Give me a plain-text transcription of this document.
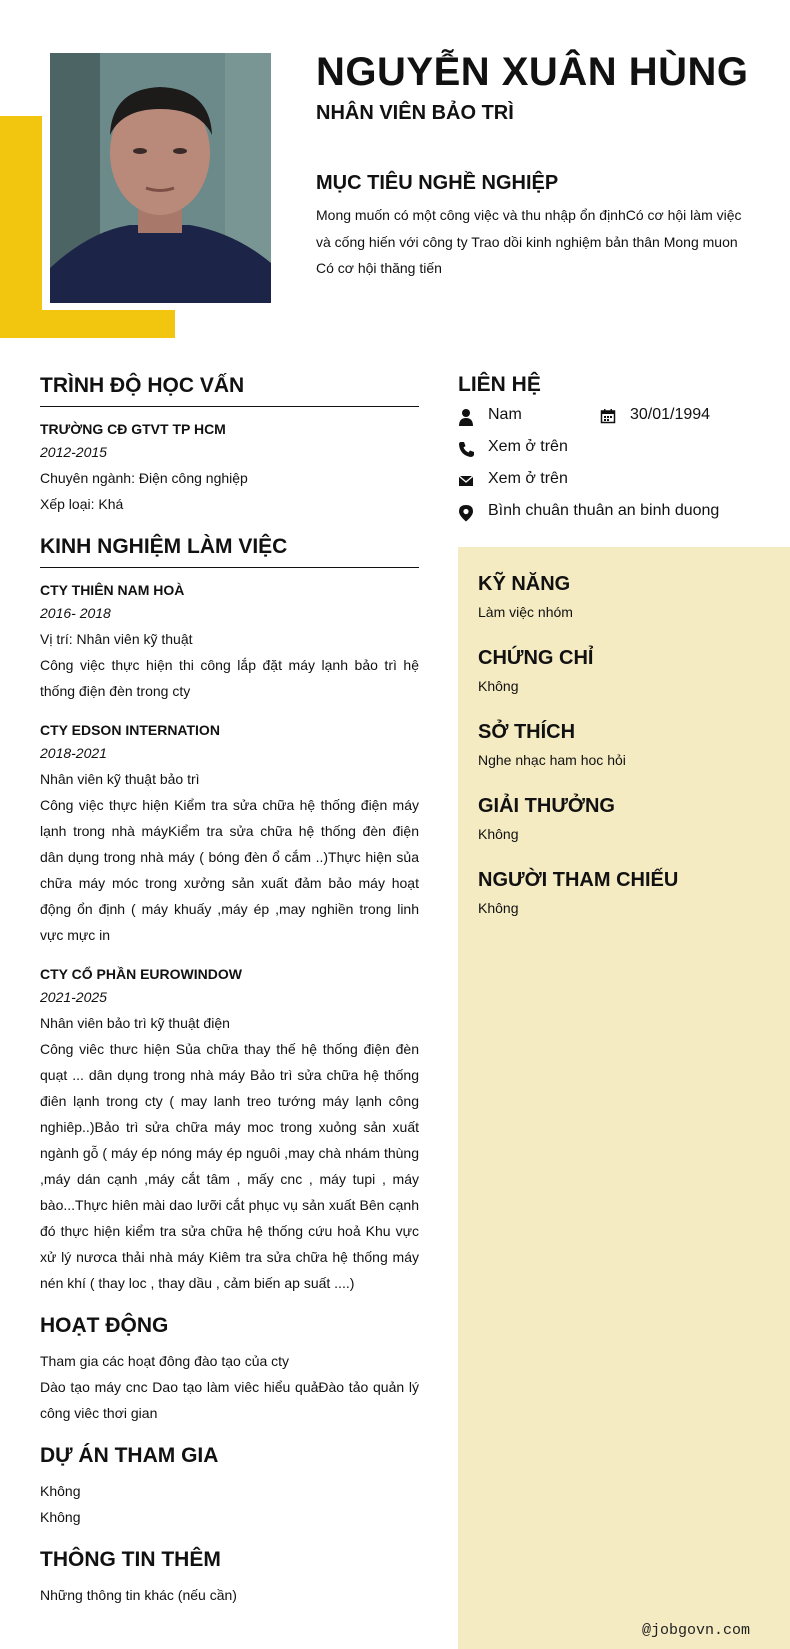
NGUYỄN XUÂN HÙNG
NHÂN VIÊN BẢO TRÌ
MỤC TIÊU NGHỀ NGHIỆP
Mong muốn có một công việc và thu nhập ổn địnhCó cơ hội làm việc và cống hiến với công ty Trao dồi kinh nghiệm bản thân Mong muon Có cơ hội thăng tiến
TRÌNH ĐỘ HỌC VẤN
TRƯỜNG CĐ GTVT TP HCM
2012-2015
Chuyên ngành: Điện công nghiệp
Xếp loại: Khá
KINH NGHIỆM LÀM VIỆC
CTY THIÊN NAM HOÀ
2016- 2018
Vị trí: Nhân viên kỹ thuật
Công việc thực hiện thi công lắp đặt máy lạnh bảo trì hệ thống điện đèn trong cty
CTY EDSON INTERNATION
2018-2021
Nhân viên kỹ thuật bảo trì
Công việc thực hiện Kiểm tra sửa chữa hệ thống điện máy lạnh trong nhà máyKiểm tra sửa chữa hệ thống đèn điện dân dụng trong nhà máy ( bóng đèn ổ cắm ..)Thực hiện sủa chữa máy móc trong xưởng sản xuất đảm bảo máy hoạt động ổn định ( máy khuấy ,máy ép ,may nghiền trong linh vực mực in
CTY CỔ PHẦN EUROWINDOW
2021-2025
Nhân viên bảo trì kỹ thuật điện
Công viêc thưc hiện Sủa chữa thay thế hệ thống điện đèn quạt ... dân dụng trong nhà máy Bảo trì sửa chữa hệ thống điên lạnh trong cty ( may lanh treo tướng máy lạnh công nghiêp..)Bảo trì sửa chữa máy moc trong xuỏng sản xuất ngành gỗ ( máy ép nóng máy ép nguôi ,may chà nhám thùng ,máy dán cạnh ,máy cắt tâm , mấy cnc , máy tupi , máy bào...Thực hiên mài dao lưỡi cắt phục vụ sản xuất Bên cạnh đó thực hiện kiểm tra sửa chữa hệ thống cứu hoả Khu vực xử lý nươca thải nhà máy Kiêm tra sửa chữa hệ thống máy nén khí ( thay loc , thay dầu , cảm biến ap suất ....)
HOẠT ĐỘNG
Tham gia các hoạt đông đào tạo của cty
Dào tạo máy cnc Dao tạo làm viêc hiểu quảĐào tảo quản lý công viêc thơi gian
DỰ ÁN THAM GIA
Không
Không
THÔNG TIN THÊM
Những thông tin khác (nếu cần)
LIÊN HỆ
Nam	30/01/1994
Xem ở trên
Xem ở trên
Bình chuân thuân an binh duong
KỸ NĂNG
Làm việc nhóm
CHỨNG CHỈ
Không
SỞ THÍCH
Nghe nhạc ham hoc hỏi
GIẢI THƯỞNG
Không
NGƯỜI THAM CHIẾU
Không
@jobgovn.com
